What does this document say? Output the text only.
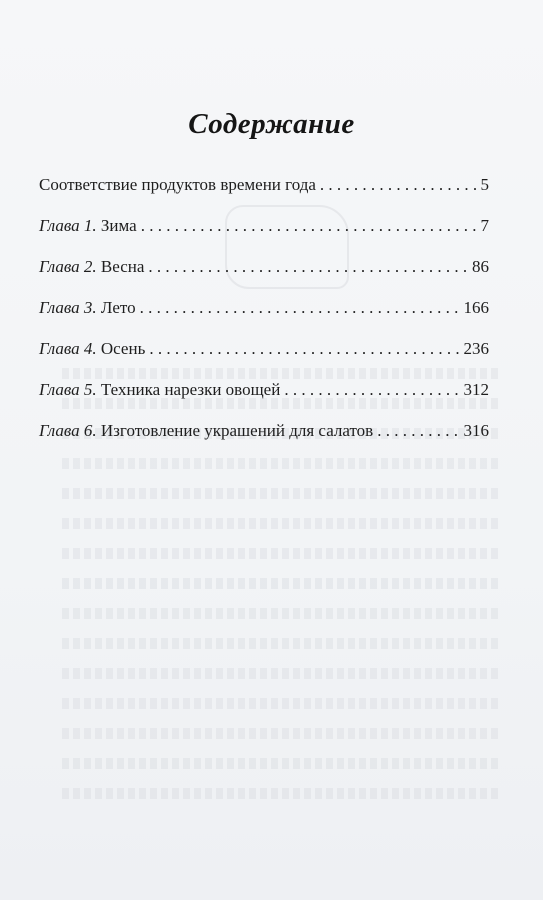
Содержание
Соответствие продуктов времени года . . .	5
Глава 1. Зима . . .	7
Глава 2. Весна . . .	86
Глава 3. Лето . . .	166
Глава 4. Осень . . .	236
Глава 5. Техника нарезки овощей . . .	312
Глава 6. Изготовление украшений для салатов . . .	316
